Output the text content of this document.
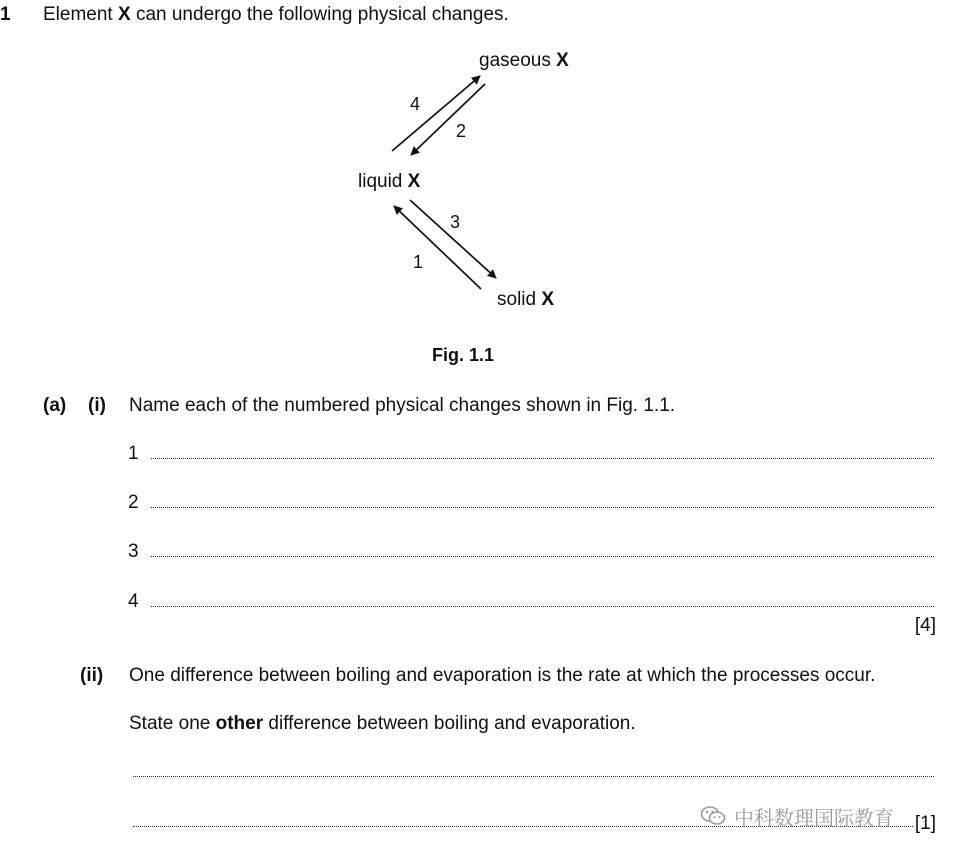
1 Element X can undergo the following physical changes.
gaseous X
liquid X
solid X
4
2
3
1
Fig. 1.1
(a) (i) Name each of the numbered physical changes shown in Fig. 1.1.
1
2
3
4
[4]
(ii) One difference between boiling and evaporation is the rate at which the processes occur.
State one other difference between boiling and evaporation.
[1]
中科数理国际教育
